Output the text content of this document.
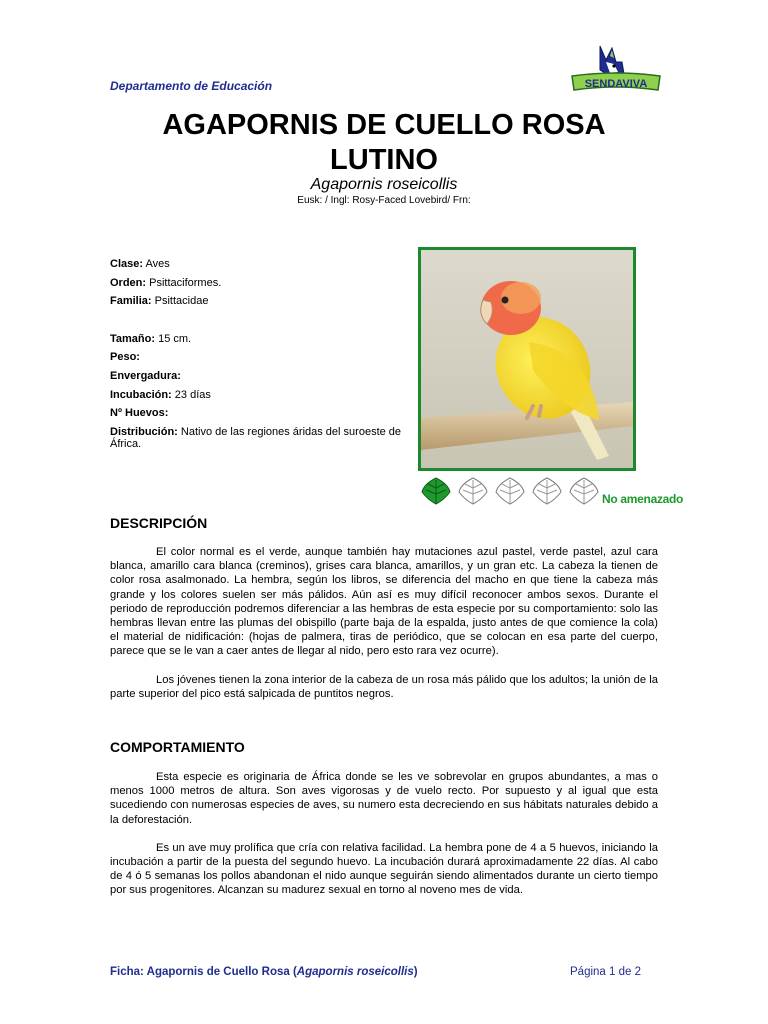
Departamento de Educación	SENDAVIVA
AGAPORNIS DE CUELLO ROSA
LUTINO
Agapornis roseicollis
Eusk: / Ingl: Rosy-Faced Lovebird/ Frn:
Clase: Aves
Orden: Psittaciformes.
Familia: Psittacidae
Tamaño: 15 cm.
Peso:
Envergadura:
Incubación: 23 días
Nº Huevos:
Distribución: Nativo de las regiones áridas del suroeste de África.
No amenazado
DESCRIPCIÓN

El color normal es el verde, aunque también hay mutaciones azul pastel, verde pastel, azul cara blanca, amarillo cara blanca (creminos), grises cara blanca, amarillos, y un gran etc. La cabeza la tienen de color rosa asalmonado. La hembra, según los libros, se diferencia del macho en que tiene la cabeza más grande y los colores suelen ser más pálidos. Aún así es muy difícil reconocer ambos sexos. Durante el periodo de reproducción podremos diferenciar a las hembras de esta especie por su comportamiento: solo las hembras llevan entre las plumas del obispillo (parte baja de la espalda, justo antes de que comience la cola) el material de nidificación: (hojas de palmera, tiras de periódico, que se colocan en esa parte del cuerpo, parece que se le van a caer antes de llegar al nido, pero esto rara vez ocurre).

Los jóvenes tienen la zona interior de la cabeza de un rosa más pálido que los adultos; la unión de la parte superior del pico está salpicada de puntitos negros.

COMPORTAMIENTO

Esta especie es originaria de África donde se les ve sobrevolar en grupos abundantes, a mas o menos 1000 metros de altura. Son aves vigorosas y de vuelo recto. Por supuesto y al igual que esta sucediendo con numerosas especies de aves, su numero esta decreciendo en sus hábitats naturales debido a la deforestación.

Es un ave muy prolífica que cría con relativa facilidad. La hembra pone de 4 a 5 huevos, iniciando la incubación a partir de la puesta del segundo huevo. La incubación durará aproximadamente 22 días. Al cabo de 4 ó 5 semanas los pollos abandonan el nido aunque seguirán siendo alimentados durante un cierto tiempo por sus progenitores. Alcanzan su madurez sexual en torno al noveno mes de vida.

Ficha: Agapornis de Cuello Rosa (Agapornis roseicollis)	Página 1 de 2
